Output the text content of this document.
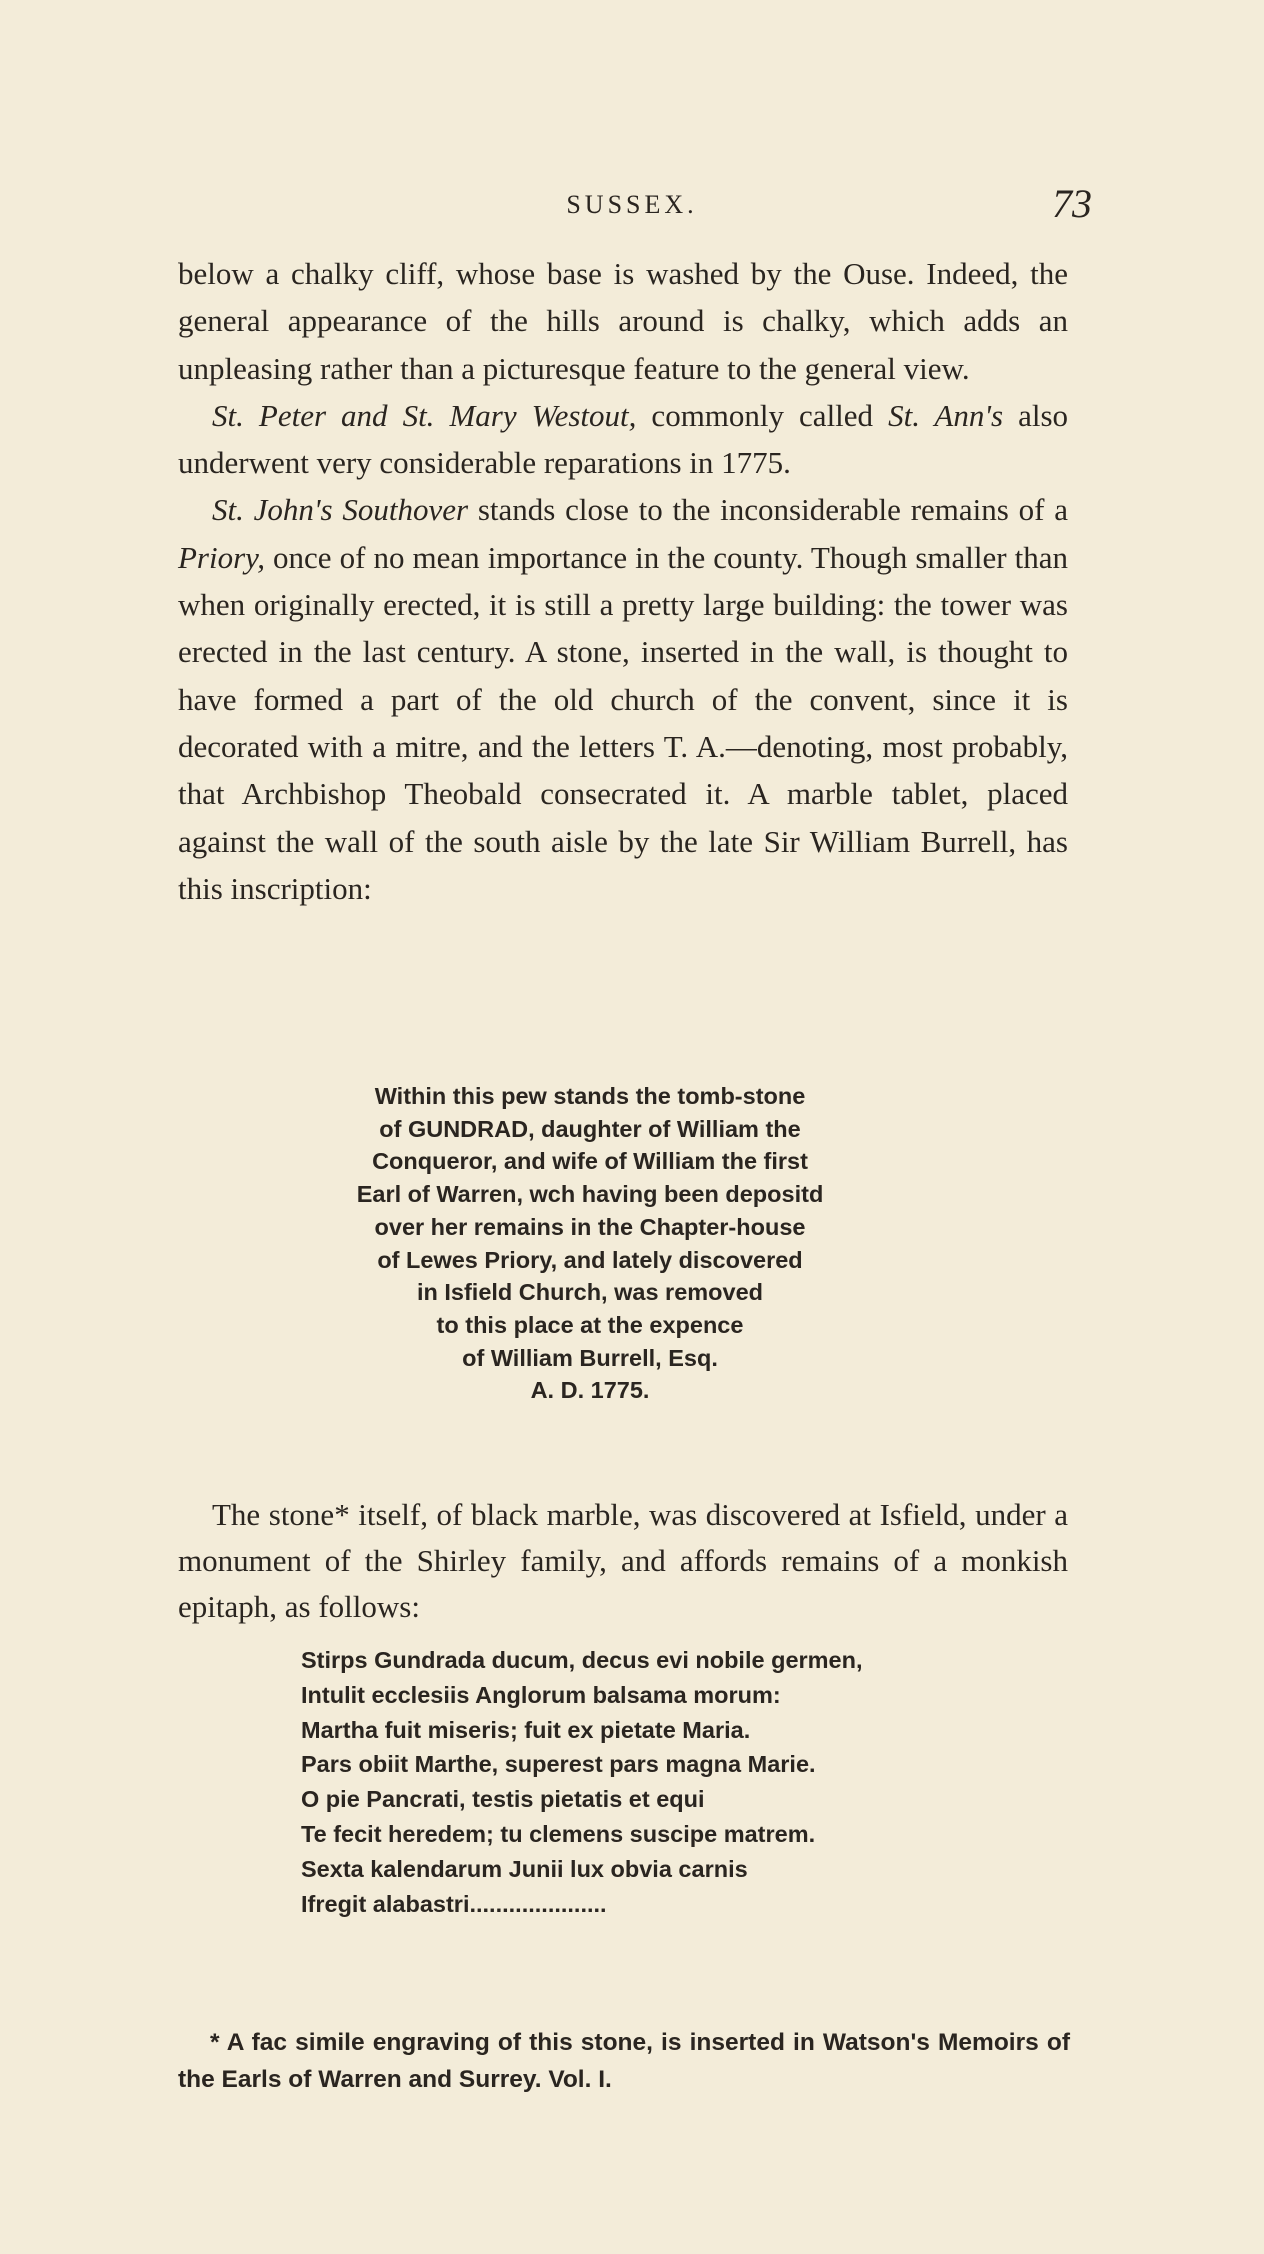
SUSSEX.	73

below a chalky cliff, whose base is washed by the Ouse. Indeed, the general appearance of the hills around is chalky, which adds an unpleasing rather than a picturesque feature to the general view.

St. Peter and St. Mary Westout, commonly called St. Ann's also underwent very considerable reparations in 1775.

St. John's Southover stands close to the inconsiderable remains of a Priory, once of no mean importance in the county. Though smaller than when originally erected, it is still a pretty large building: the tower was erected in the last century. A stone, inserted in the wall, is thought to have formed a part of the old church of the convent, since it is decorated with a mitre, and the letters T. A.—denoting, most probably, that Archbishop Theobald consecrated it. A marble tablet, placed against the wall of the south aisle by the late Sir William Burrell, has this inscription:

Within this pew stands the tomb-stone
of GUNDRAD, daughter of William the
Conqueror, and wife of William the first
Earl of Warren, wch having been depositd
over her remains in the Chapter-house
of Lewes Priory, and lately discovered
in Isfield Church, was removed
to this place at the expence
of William Burrell, Esq.
A. D. 1775.

The stone* itself, of black marble, was discovered at Isfield, under a monument of the Shirley family, and affords remains of a monkish epitaph, as follows:

Stirps Gundrada ducum, decus evi nobile germen,
Intulit ecclesiis Anglorum balsama morum:
Martha fuit miseris; fuit ex pietate Maria.
Pars obiit Marthe, superest pars magna Marie.
O pie Pancrati, testis pietatis et equi
Te fecit heredem; tu clemens suscipe matrem.
Sexta kalendarum Junii lux obvia carnis
Ifregit alabastri.....................

* A fac simile engraving of this stone, is inserted in Watson's Memoirs of the Earls of Warren and Surrey. Vol. I.
